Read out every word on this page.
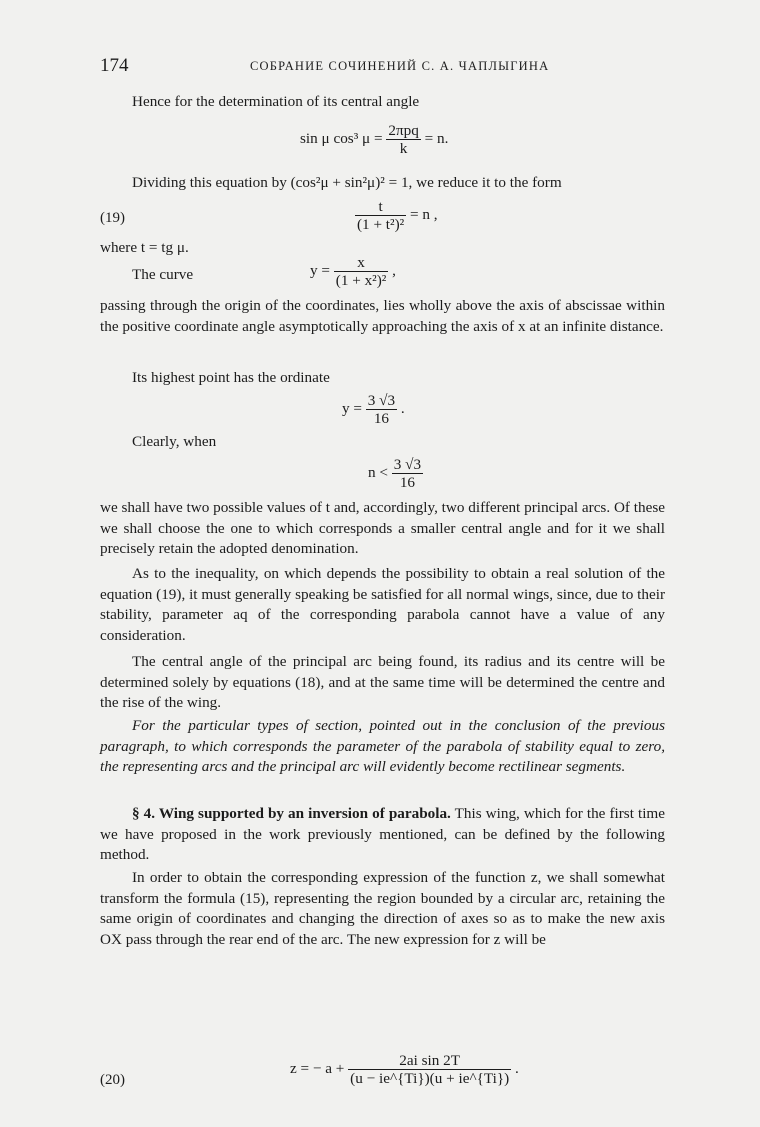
174	СОБРАНИЕ СОЧИНЕНИЙ С. А. ЧАПЛЫГИНА

Hence for the determination of its central angle

sin μ cos³ $\mu = \frac{\text{2πpq}}{k} = n$.

Dividing this equation by (cos²μ + sin²μ)² = 1, we reduce it to the form

(19)	$\frac{t}{\text{(1 + t²)²}} = n$ ,

where t = tg μ.

The curve	$y = \frac{x}{\text{(1 + x²)²}}$ ,

passing through the origin of the coordinates, lies wholly above the axis of abscissae within the positive coordinate angle asymptotically approaching the axis of x at an infinite distance.

Its highest point has the ordinate

$y = \frac{3 √3}{16}$ .

Clearly, when

$n < \frac{3 √3}{16}$

we shall have two possible values of t and, accordingly, two different principal arcs. Of these we shall choose the one to which corresponds a smaller central angle and for it we shall precisely retain the adopted denomination.

As to the inequality, on which depends the possibility to obtain a real solution of the equation (19), it must generally speaking be satisfied for all normal wings, since, due to their stability, parameter aq of the corresponding parabola cannot have a value of any consideration.

The central angle of the principal arc being found, its radius and its centre will be determined solely by equations (18), and at the same time will be determined the centre and the rise of the wing.

For the particular types of section, pointed out in the conclusion of the previous paragraph, to which corresponds the parameter of the parabola of stability equal to zero, the representing arcs and the principal arc will evidently become rectilinear segments.

§ 4. Wing supported by an inversion of parabola. This wing, which for the first time we have proposed in the work previously mentioned, can be defined by the following method.

In order to obtain the corresponding expression of the function z, we shall somewhat transform the formula (15), representing the region bounded by a circular arc, retaining the same origin of coordinates and changing the direction of axes so as to make the new axis OX pass through the rear end of the arc. The new expression for z will be

(20)
z = − $a + \frac{\text{2ai sin 2T}}{(u - ie\^{}\{Ti\})(u + ie\^{}\{Ti\})}$ .
